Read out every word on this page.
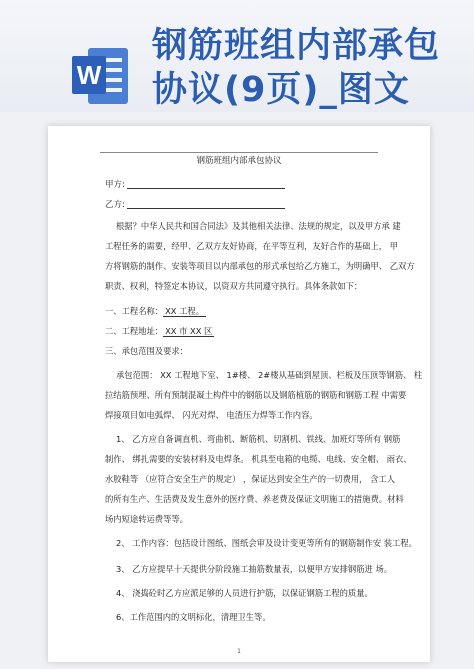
W
钢筋班组内部承包
协议(9页)_图文
钢筋班组内部承包协议
甲方:
乙方:
根据？中华人民共和国合同法》及其他相关法律、法规的规定，以及甲方承 建
工程任务的需要，经甲、乙双方友好协商，在平等互利，友好合作的基础上， 甲
方将钢筋的制作、安装等项目以内部承包的形式承包给乙方施工，为明确甲、 乙双方
职责、权利，特签定本协议，以资双方共同遵守执行。具体条款如下：
一、工程名称： XX 工程。
二、工程地址： XX 市 XX 区
三、承包范围及要求：
承包范围： XX 工程地下室、 1#楼、 2#楼从基础到屋顶、栏板及压顶等钢筋、 柱
拉结筋预埋、所有预制混凝土构件中的钢筋以及钢筋植筋的钢筋和钢筋工程 中需要
焊接项目如电弧焊、 闪光对焊、 电渣压力焊等工作内容。
1、 乙方应自备调直机、弯曲机、断筋机、切割机、铁线、加班灯等所有 钢筋
制作、 绑扎需要的安装材料及电焊条。 机具至电箱的电缆、电线、安全帽、 雨衣、
水胶鞋等 （应符合安全生产的规定） ，保证达到安全生产的一切费用， 含工人
的所有生产、生活费及发生意外的医疗费、养老费及保证文明施工的措施费。材料
场内短途转运费等等。
2、 工作内容：包括设计图纸、图纸会审及设计变更等所有的钢筋制作安 装工程。
3、 乙方应提早十天提供分阶段施工抽筋数量表，以便甲方安排钢筋进 场。
4、 浇捣砼时乙方应派足够的人员进行护筋，以保证钢筋工程的质量。
6、工作范围内的文明标化，清理卫生等。
1
